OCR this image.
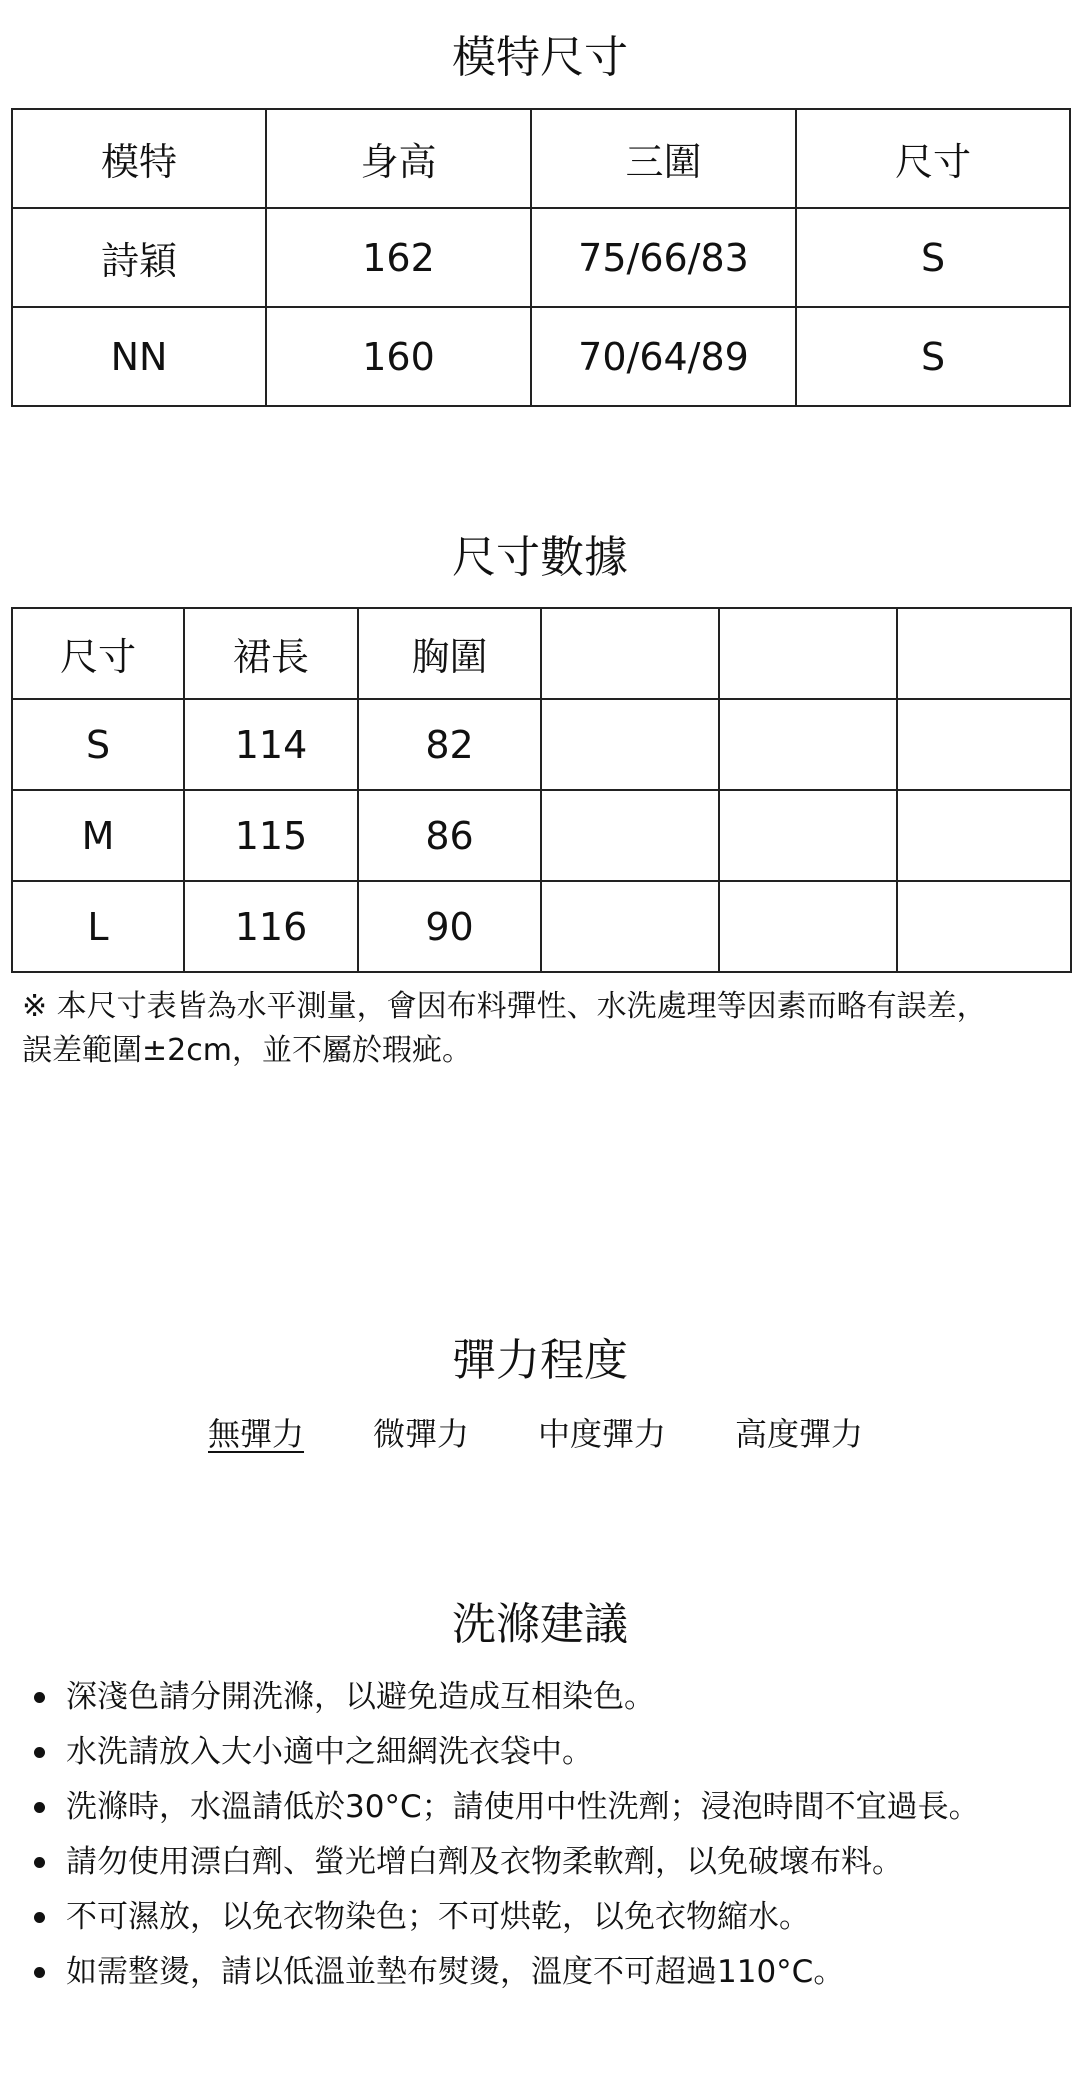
模特尺寸
模特	身高	三圍	尺寸
詩穎	162	75/66/83	S
NN	160	70/64/89	S
尺寸數據
尺寸	裙長	胸圍			
S	114	82			
M	115	86			
L	116	90			

※ 本尺寸表皆為水平測量，會因布料彈性、水洗處理等因素而略有誤差，
誤差範圍±2cm，並不屬於瑕疵。

彈力程度
無彈力 微彈力 中度彈力 高度彈力
洗滌建議
深淺色請分開洗滌，以避免造成互相染色。
水洗請放入大小適中之細網洗衣袋中。
洗滌時，水溫請低於30°C；請使用中性洗劑；浸泡時間不宜過長。
請勿使用漂白劑、螢光增白劑及衣物柔軟劑，以免破壞布料。
不可濕放，以免衣物染色；不可烘乾，以免衣物縮水。
如需整燙，請以低溫並墊布熨燙，溫度不可超過110°C。
